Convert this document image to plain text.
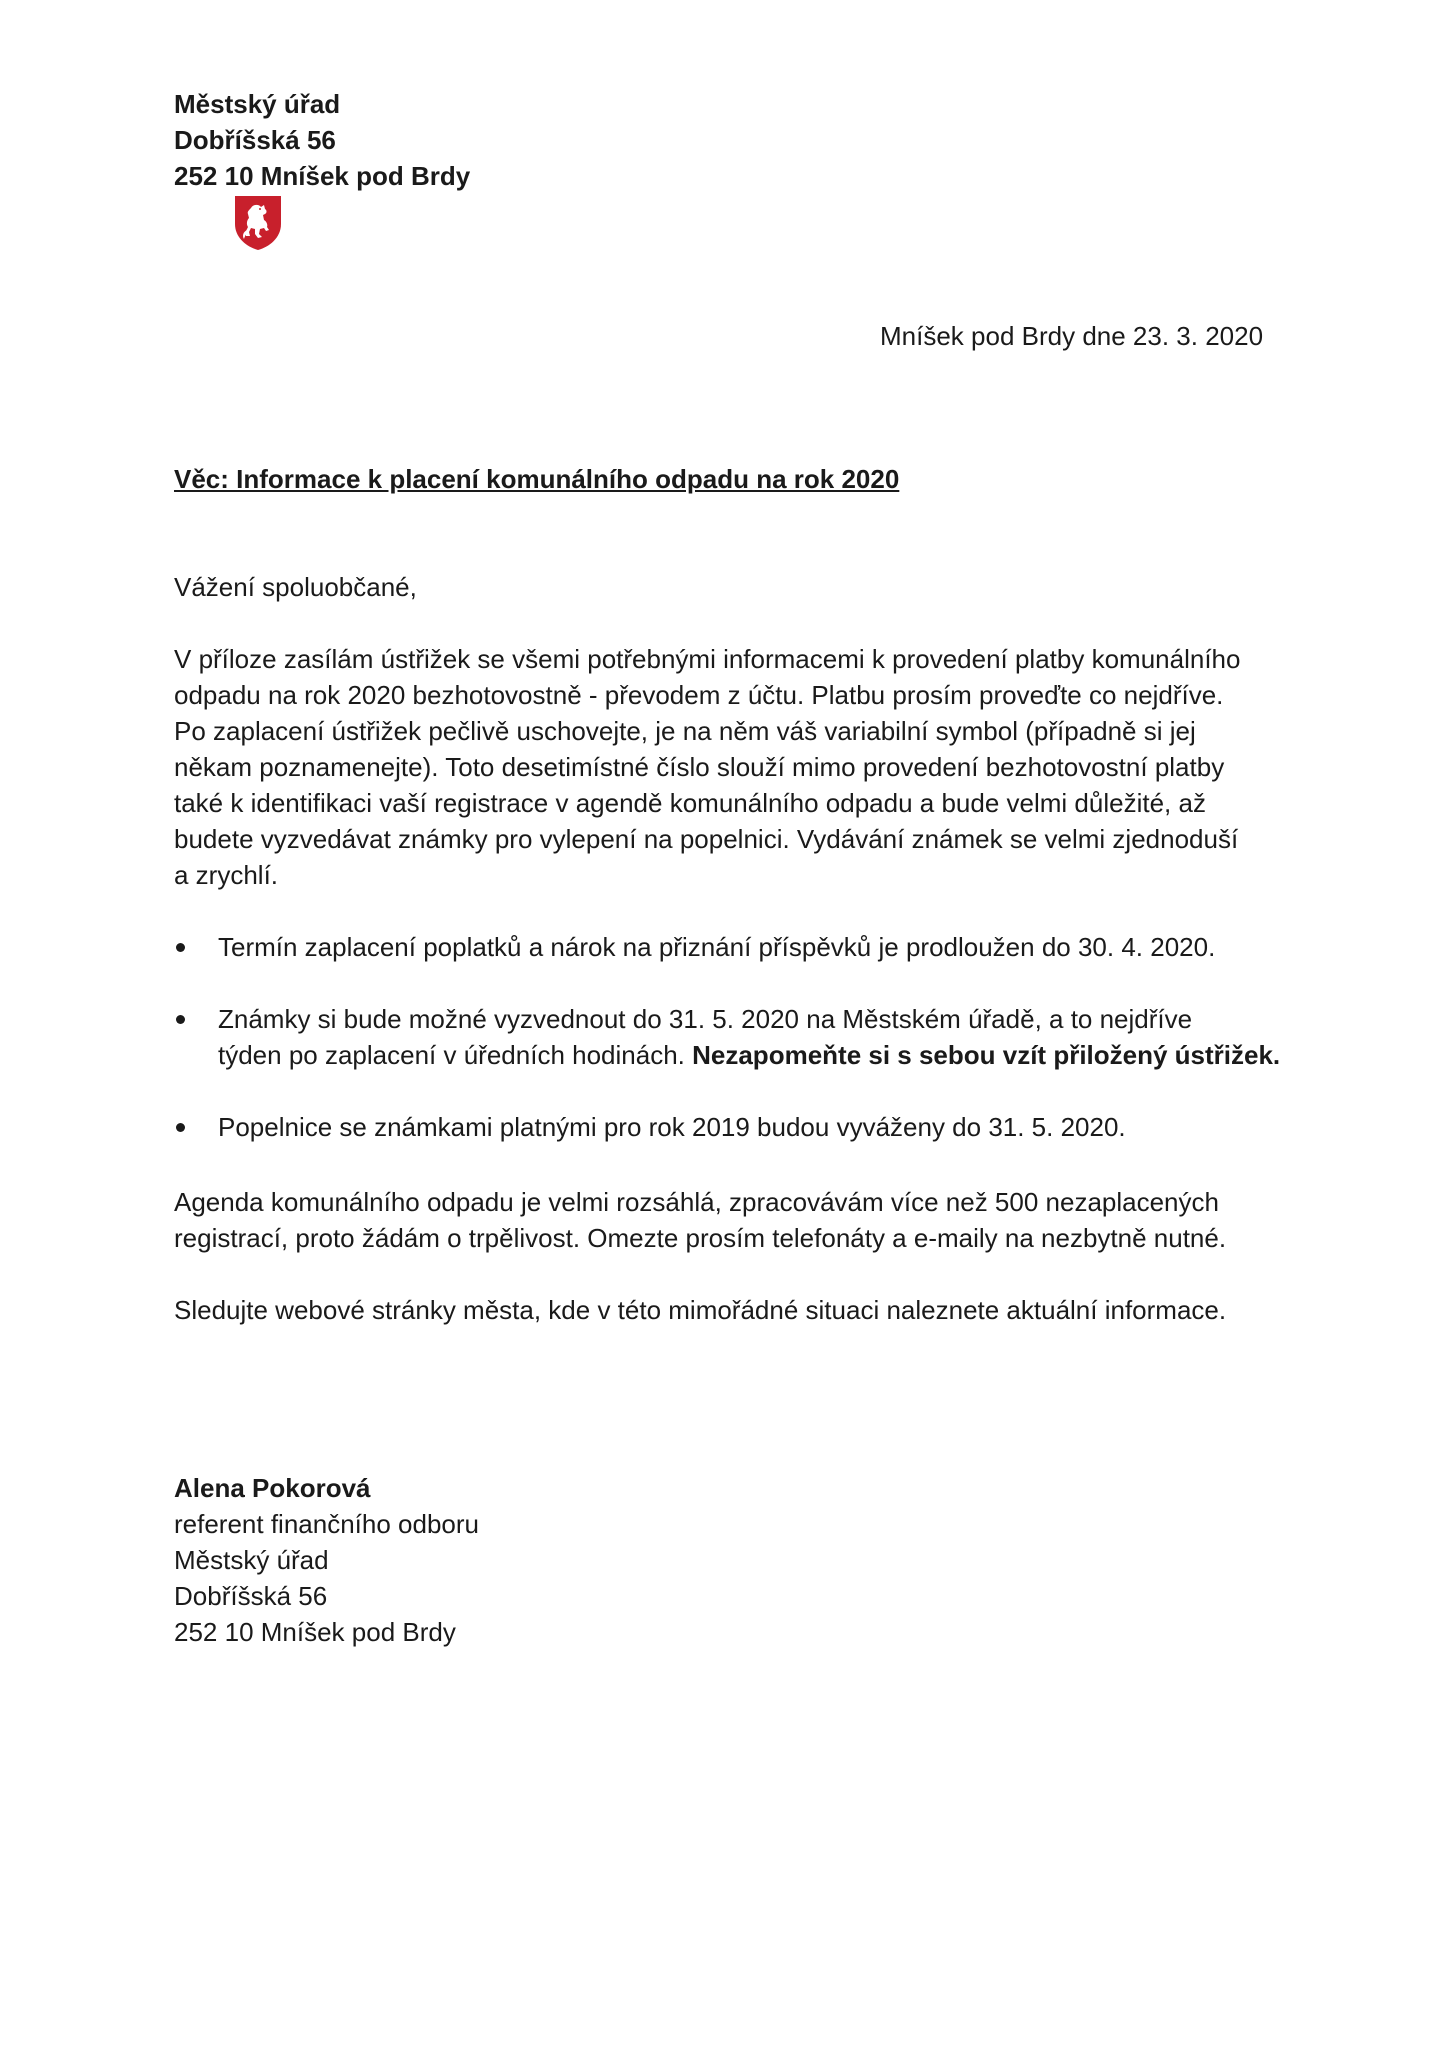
Městský úřad
Dobříšská 56
252 10 Mníšek pod Brdy
Mníšek pod Brdy dne 23. 3. 2020
Věc: Informace k placení komunálního odpadu na rok 2020
Vážení spoluobčané,
V příloze zasílám ústřižek se všemi potřebnými informacemi k provedení platby komunálního
odpadu na rok 2020 bezhotovostně - převodem z účtu. Platbu prosím proveďte co nejdříve.
Po zaplacení ústřižek pečlivě uschovejte, je na něm váš variabilní symbol (případně si jej
někam poznamenejte). Toto desetimístné číslo slouží mimo provedení bezhotovostní platby
také k identifikaci vaší registrace v agendě komunálního odpadu a bude velmi důležité, až
budete vyzvedávat známky pro vylepení na popelnici. Vydávání známek se velmi zjednoduší
a zrychlí.
Termín zaplacení poplatků a nárok na přiznání příspěvků je prodloužen do 30. 4. 2020.
Známky si bude možné vyzvednout do 31. 5. 2020 na Městském úřadě, a to nejdříve
týden po zaplacení v úředních hodinách. Nezapomeňte si s sebou vzít přiložený ústřižek.
Popelnice se známkami platnými pro rok 2019 budou vyváženy do 31. 5. 2020.
Agenda komunálního odpadu je velmi rozsáhlá, zpracovávám více než 500 nezaplacených
registrací, proto žádám o trpělivost. Omezte prosím telefonáty a e-maily na nezbytně nutné.
Sledujte webové stránky města, kde v této mimořádné situaci naleznete aktuální informace.
Alena Pokorová
referent finančního odboru
Městský úřad
Dobříšská 56
252 10 Mníšek pod Brdy
